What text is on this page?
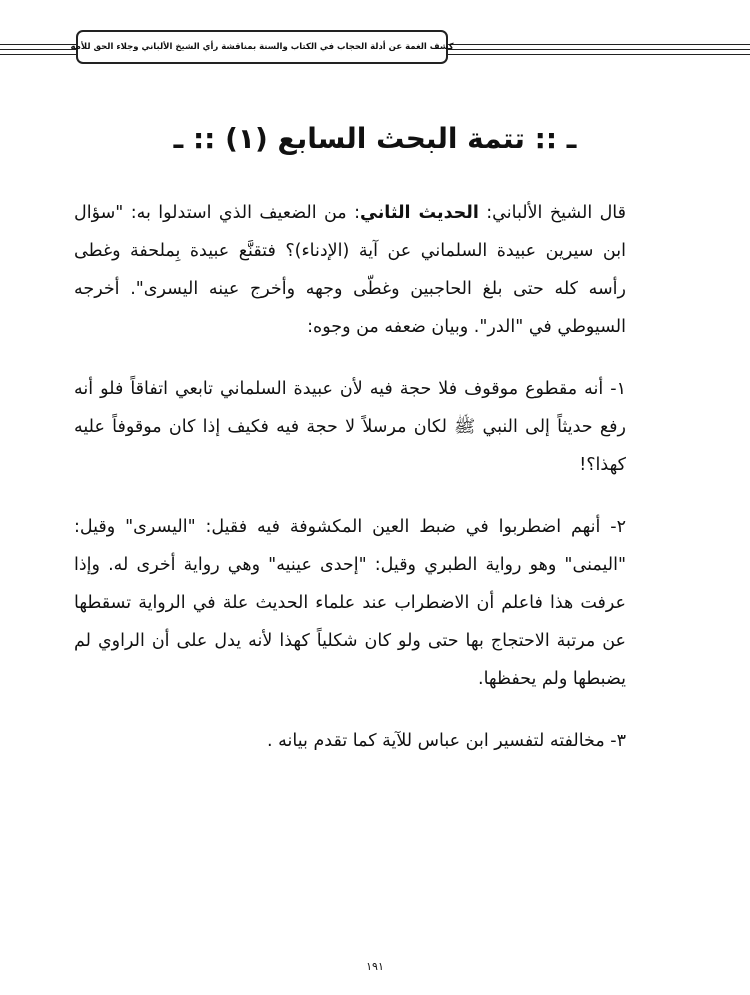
كشف الغمة عن أدلة الحجاب في الكتاب والسنة بمناقشة رأي الشيخ الألباني وجلاء الحق للأمة
ـ :: تتمة البحث السابع (١) :: ـ

قال الشيخ الألباني: الحديث الثاني: من الضعيف الذي استدلوا به: "سؤال ابن سيرين عبيدة السلماني عن آية (الإدناء)؟ فتقنَّع عبيدة بِملحفة وغطى رأسه كله حتى بلغ الحاجبين وغطّى وجهه وأخرج عينه اليسرى". أخرجه السيوطي في "الدر". وبيان ضعفه من وجوه:

١- أنه مقطوع موقوف فلا حجة فيه لأن عبيدة السلماني تابعي اتفاقاً فلو أنه رفع حديثاً إلى النبي ﷺ لكان مرسلاً لا حجة فيه فكيف إذا كان موقوفاً عليه كهذا؟!

٢- أنهم اضطربوا في ضبط العين المكشوفة فيه فقيل: "اليسرى" وقيل: "اليمنى" وهو رواية الطبري وقيل: "إحدى عينيه" وهي رواية أخرى له. وإذا عرفت هذا فاعلم أن الاضطراب عند علماء الحديث علة في الرواية تسقطها عن مرتبة الاحتجاج بها حتى ولو كان شكلياً كهذا لأنه يدل على أن الراوي لم يضبطها ولم يحفظها.

٣- مخالفته لتفسير ابن عباس للآية كما تقدم بيانه .

١٩١
